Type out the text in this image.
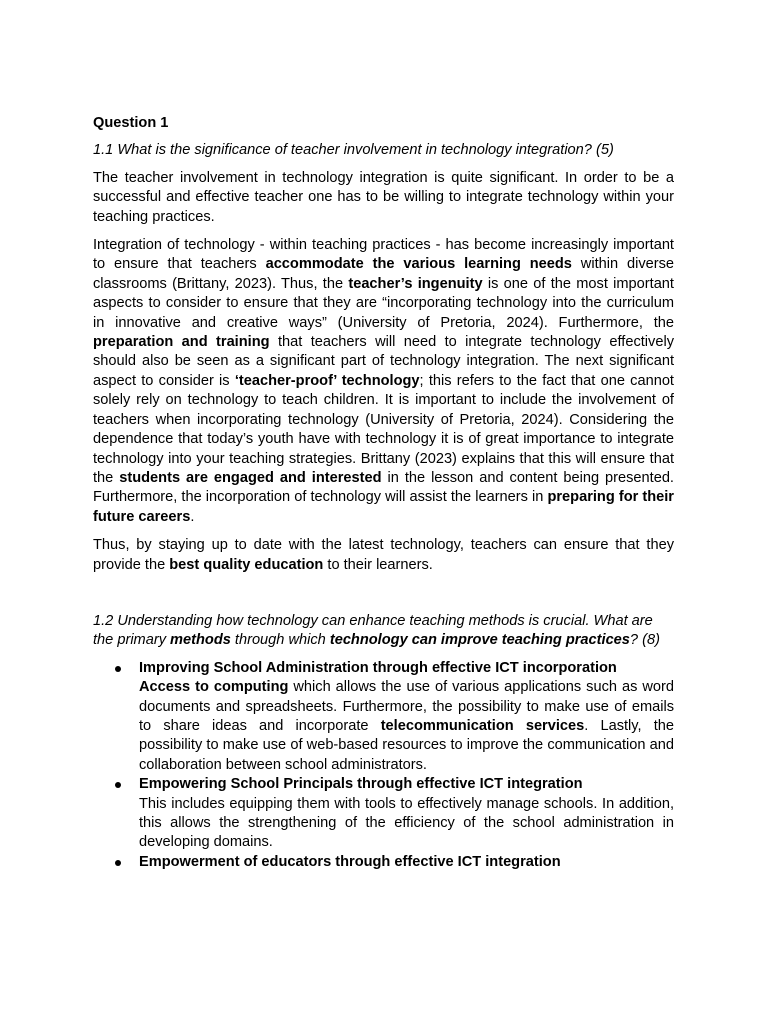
Question 1
1.1 What is the significance of teacher involvement in technology integration? (5)
The teacher involvement in technology integration is quite significant. In order to be a successful and effective teacher one has to be willing to integrate technology within your teaching practices.
Integration of technology - within teaching practices - has become increasingly important to ensure that teachers accommodate the various learning needs within diverse classrooms (Brittany, 2023). Thus, the teacher’s ingenuity is one of the most important aspects to consider to ensure that they are “incorporating technology into the curriculum in innovative and creative ways” (University of Pretoria, 2024). Furthermore, the preparation and training that teachers will need to integrate technology effectively should also be seen as a significant part of technology integration. The next significant aspect to consider is ‘teacher-proof’ technology; this refers to the fact that one cannot solely rely on technology to teach children. It is important to include the involvement of teachers when incorporating technology (University of Pretoria, 2024). Considering the dependence that today’s youth have with technology it is of great importance to integrate technology into your teaching strategies. Brittany (2023) explains that this will ensure that the students are engaged and interested in the lesson and content being presented. Furthermore, the incorporation of technology will assist the learners in preparing for their future careers.
Thus, by staying up to date with the latest technology, teachers can ensure that they provide the best quality education to their learners.
1.2 Understanding how technology can enhance teaching methods is crucial. What are the primary methods through which technology can improve teaching practices? (8)
Improving School Administration through effective ICT incorporation
Access to computing which allows the use of various applications such as word documents and spreadsheets. Furthermore, the possibility to make use of emails to share ideas and incorporate telecommunication services. Lastly, the possibility to make use of web-based resources to improve the communication and collaboration between school administrators.
Empowering School Principals through effective ICT integration
This includes equipping them with tools to effectively manage schools. In addition, this allows the strengthening of the efficiency of the school administration in developing domains.
Empowerment of educators through effective ICT integration
